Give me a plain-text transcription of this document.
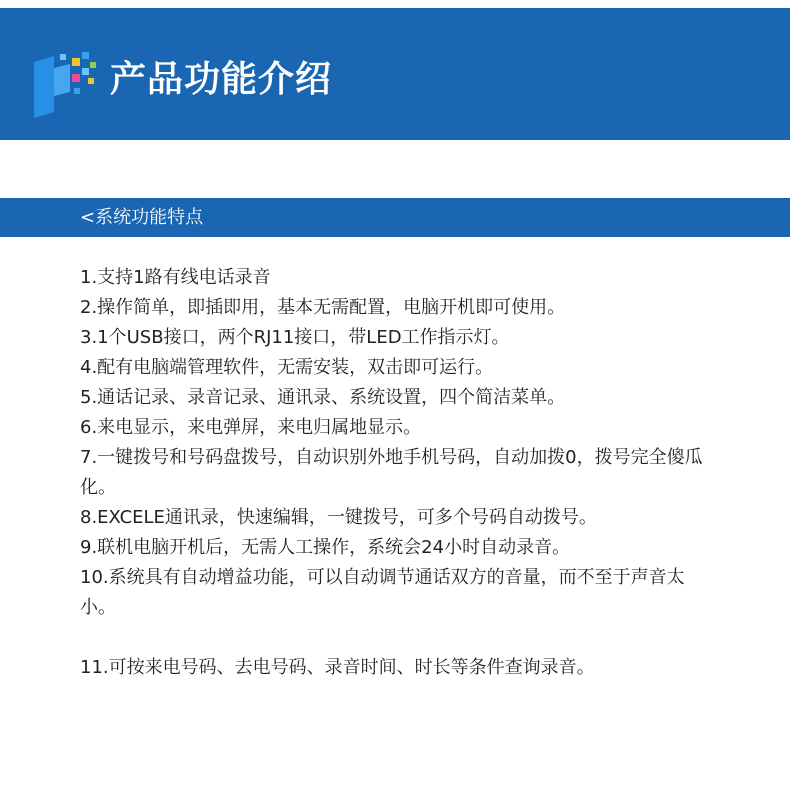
产品功能介绍
<系统功能特点
1.支持1路有线电话录音
2.操作简单，即插即用，基本无需配置，电脑开机即可使用。
3.1个USB接口，两个RJ11接口，带LED工作指示灯。
4.配有电脑端管理软件，无需安装，双击即可运行。
5.通话记录、录音记录、通讯录、系统设置，四个简洁菜单。
6.来电显示，来电弹屏，来电归属地显示。
7.一键拨号和号码盘拨号，自动识别外地手机号码，自动加拨0，拨号完全傻瓜化。
8.EXCELE通讯录，快速编辑，一键拨号，可多个号码自动拨号。
9.联机电脑开机后，无需人工操作，系统会24小时自动录音。
10.系统具有自动增益功能，可以自动调节通话双方的音量，而不至于声音太小。
11.可按来电号码、去电号码、录音时间、时长等条件查询录音。
